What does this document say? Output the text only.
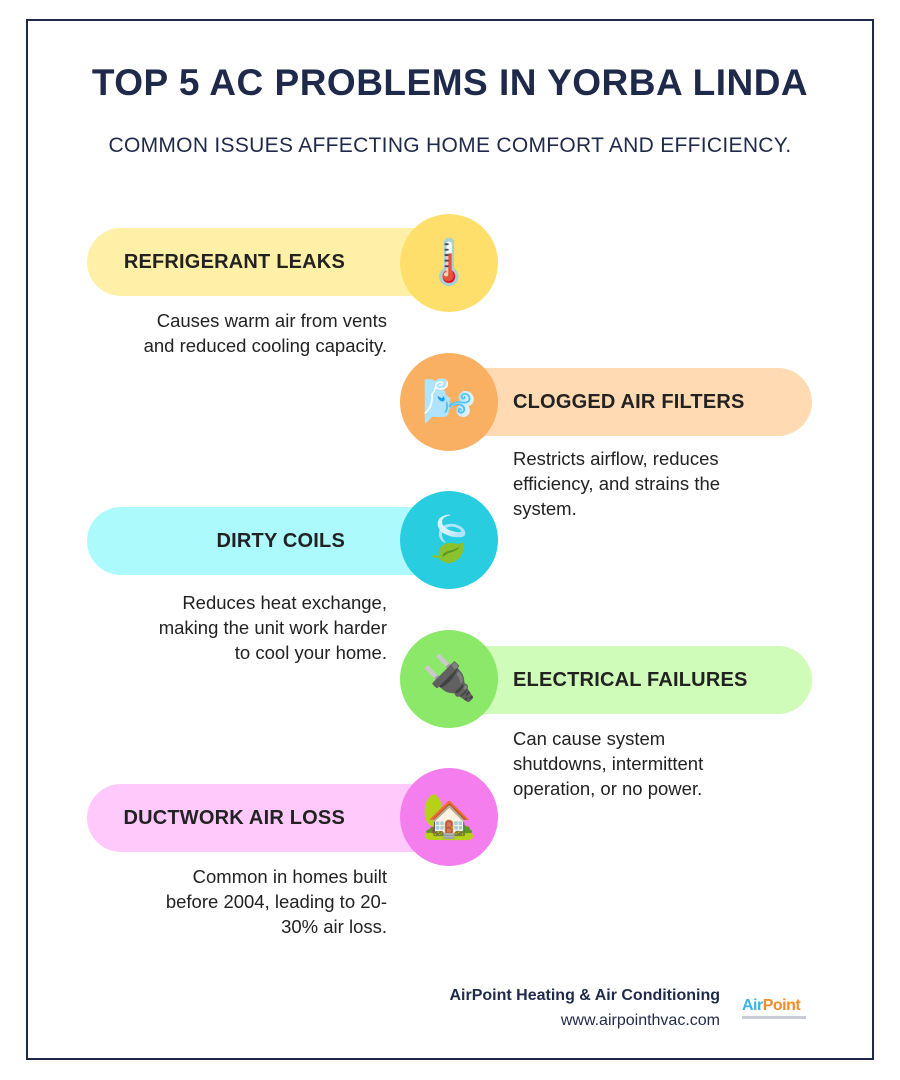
TOP 5 AC PROBLEMS IN YORBA LINDA
COMMON ISSUES AFFECTING HOME COMFORT AND EFFICIENCY.
REFRIGERANT LEAKS 🌡️
Causes warm air from vents
and reduced cooling capacity.
CLOGGED AIR FILTERS
🌬️
Restricts airflow, reduces
efficiency, and strains the
system.
DIRTY COILS 🍃
Reduces heat exchange,
making the unit work harder
to cool your home.
ELECTRICAL FAILURES
🔌
Can cause system
shutdowns, intermittent
operation, or no power.
DUCTWORK AIR LOSS 🏡
Common in homes built
before 2004, leading to 20-
30% air loss.
AirPoint Heating & Air Conditioning
www.airpointhvac.com
AirPoint
